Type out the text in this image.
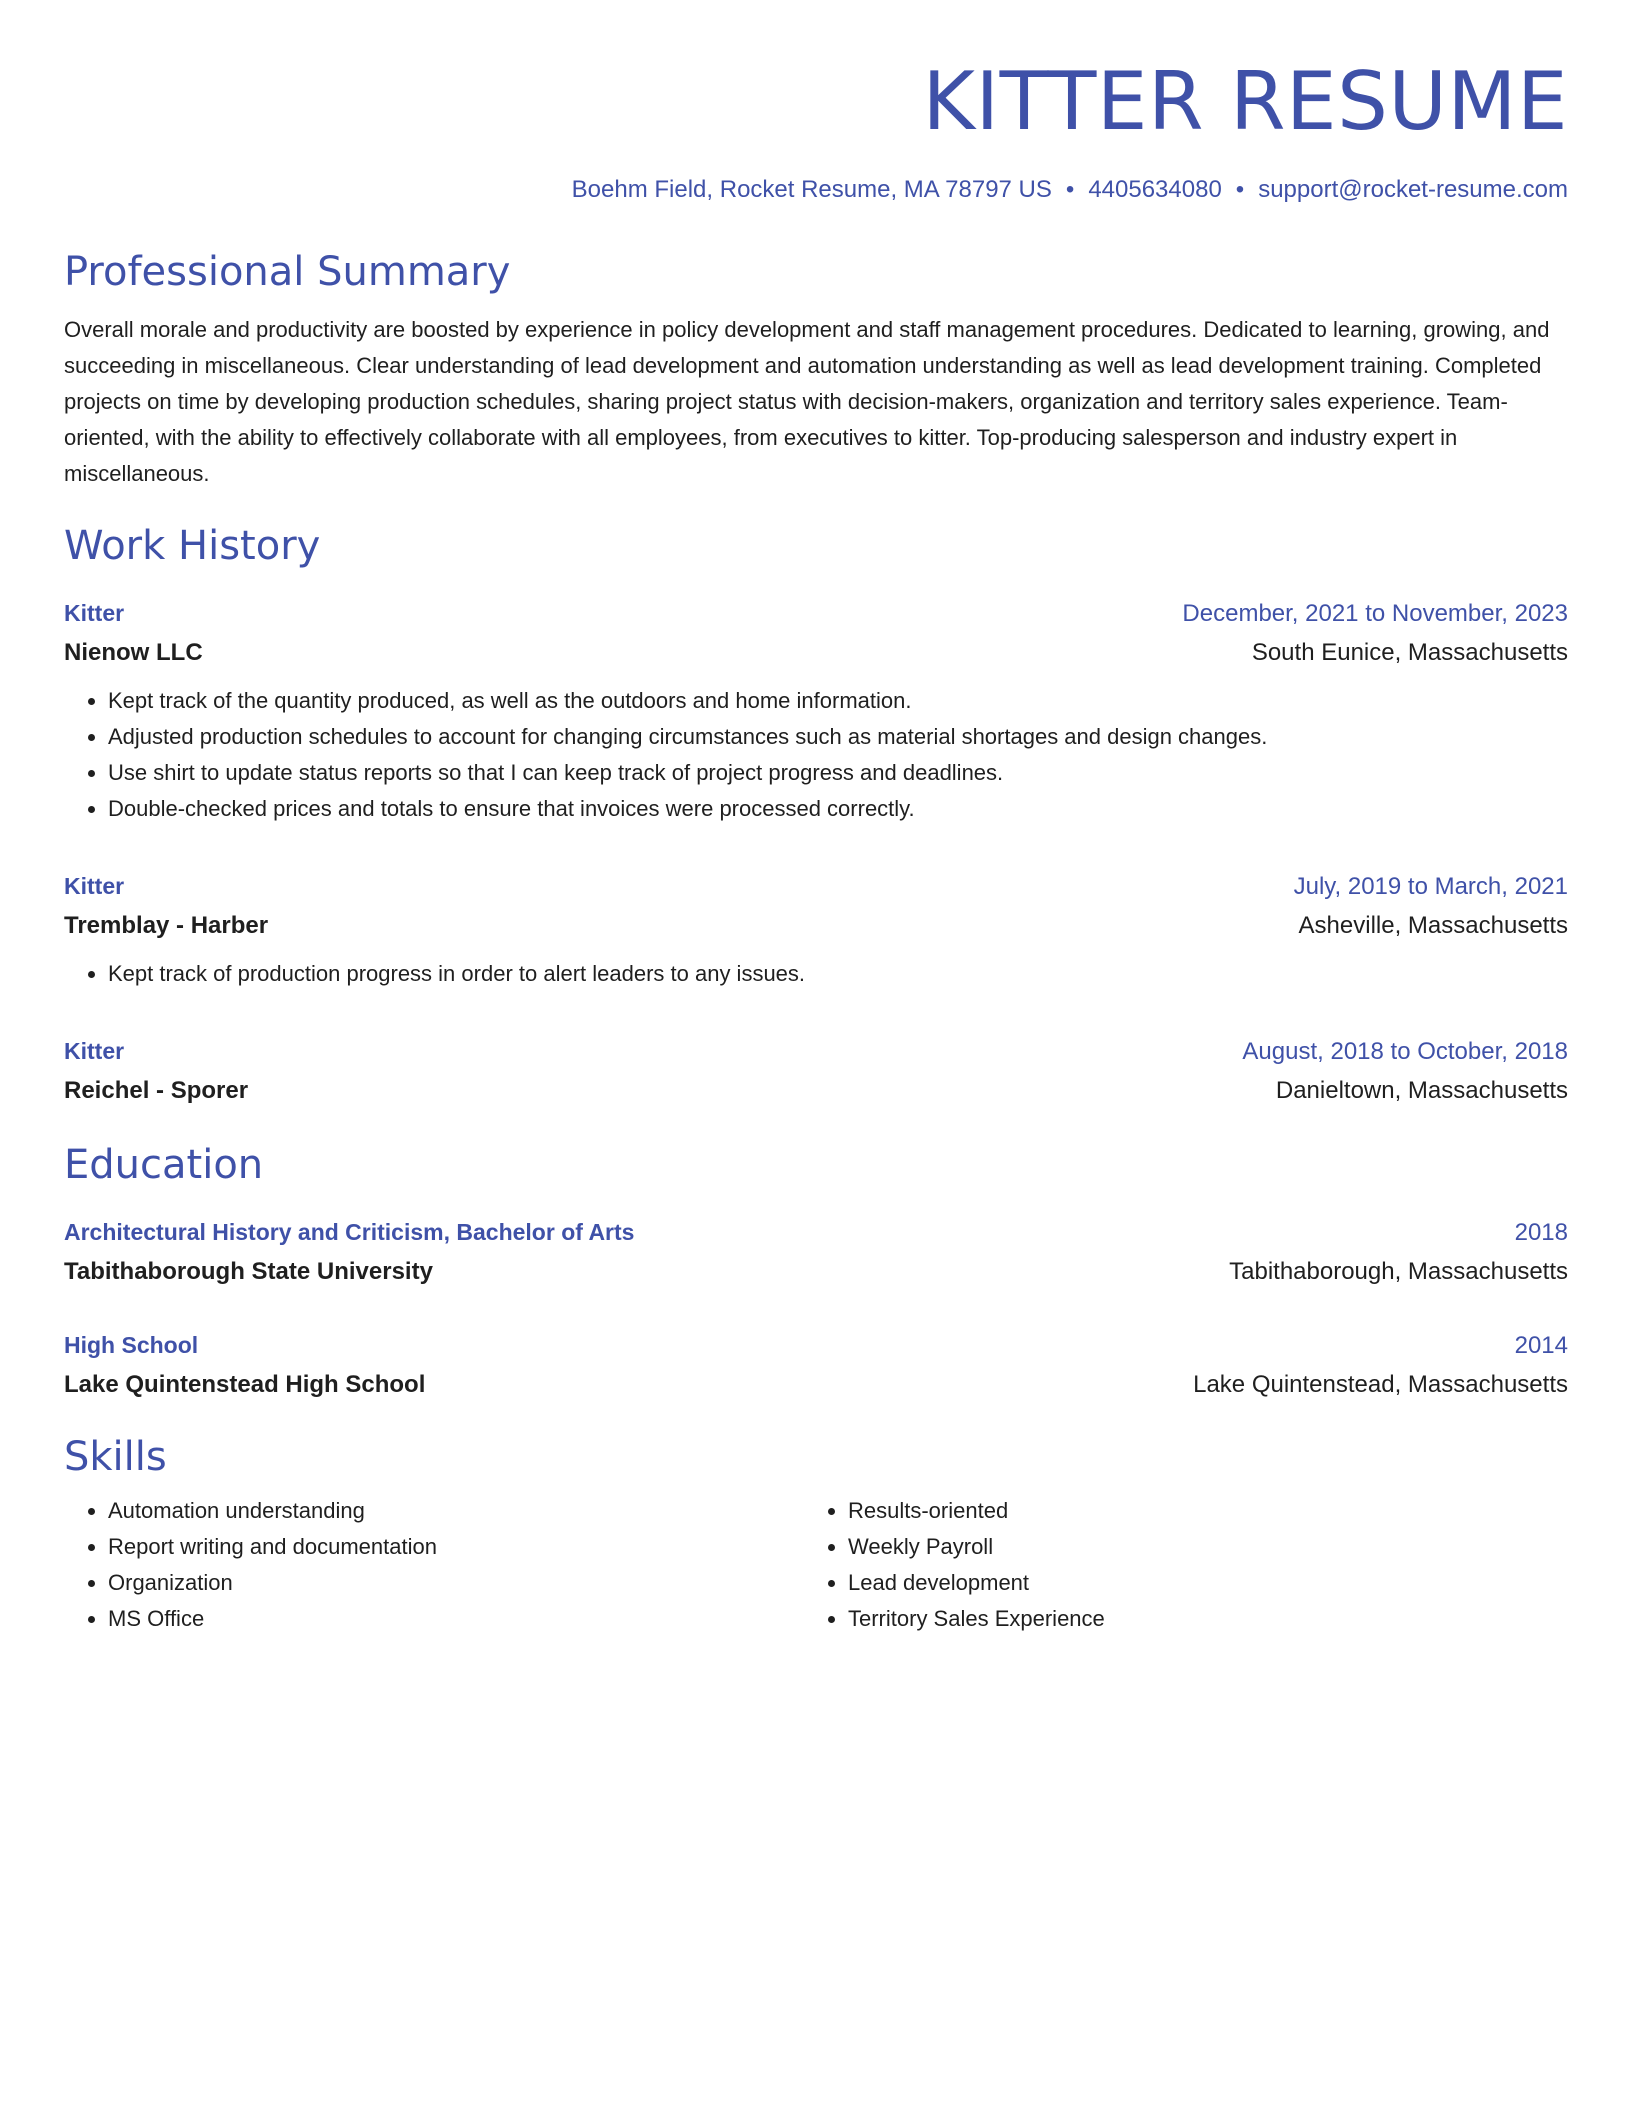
KITTER RESUME
Boehm Field, Rocket Resume, MA 78797 US • 4405634080 • support@rocket-resume.com
Professional Summary

Overall morale and productivity are boosted by experience in policy development and staff management procedures. Dedicated to learning, growing, and succeeding in miscellaneous. Clear understanding of lead development and automation understanding as well as lead development training. Completed projects on time by developing production schedules, sharing project status with decision-makers, organization and territory sales experience. Team-oriented, with the ability to effectively collaborate with all employees, from executives to kitter. Top-producing salesperson and industry expert in miscellaneous.

Work History
Kitter	December, 2021 to November, 2023
Nienow LLC	South Eunice, Massachusetts
• Kept track of the quantity produced, as well as the outdoors and home information.
• Adjusted production schedules to account for changing circumstances such as material shortages and design changes.
• Use shirt to update status reports so that I can keep track of project progress and deadlines.
• Double-checked prices and totals to ensure that invoices were processed correctly.
Kitter	July, 2019 to March, 2021
Tremblay - Harber	Asheville, Massachusetts
• Kept track of production progress in order to alert leaders to any issues.
Kitter	August, 2018 to October, 2018
Reichel - Sporer	Danieltown, Massachusetts
Education
Architectural History and Criticism, Bachelor of Arts	2018
Tabithaborough State University	Tabithaborough, Massachusetts
High School	2014
Lake Quintenstead High School	Lake Quintenstead, Massachusetts
Skills
• Automation understanding
• Report writing and documentation
• Organization
• MS Office
• Results-oriented
• Weekly Payroll
• Lead development
• Territory Sales Experience
